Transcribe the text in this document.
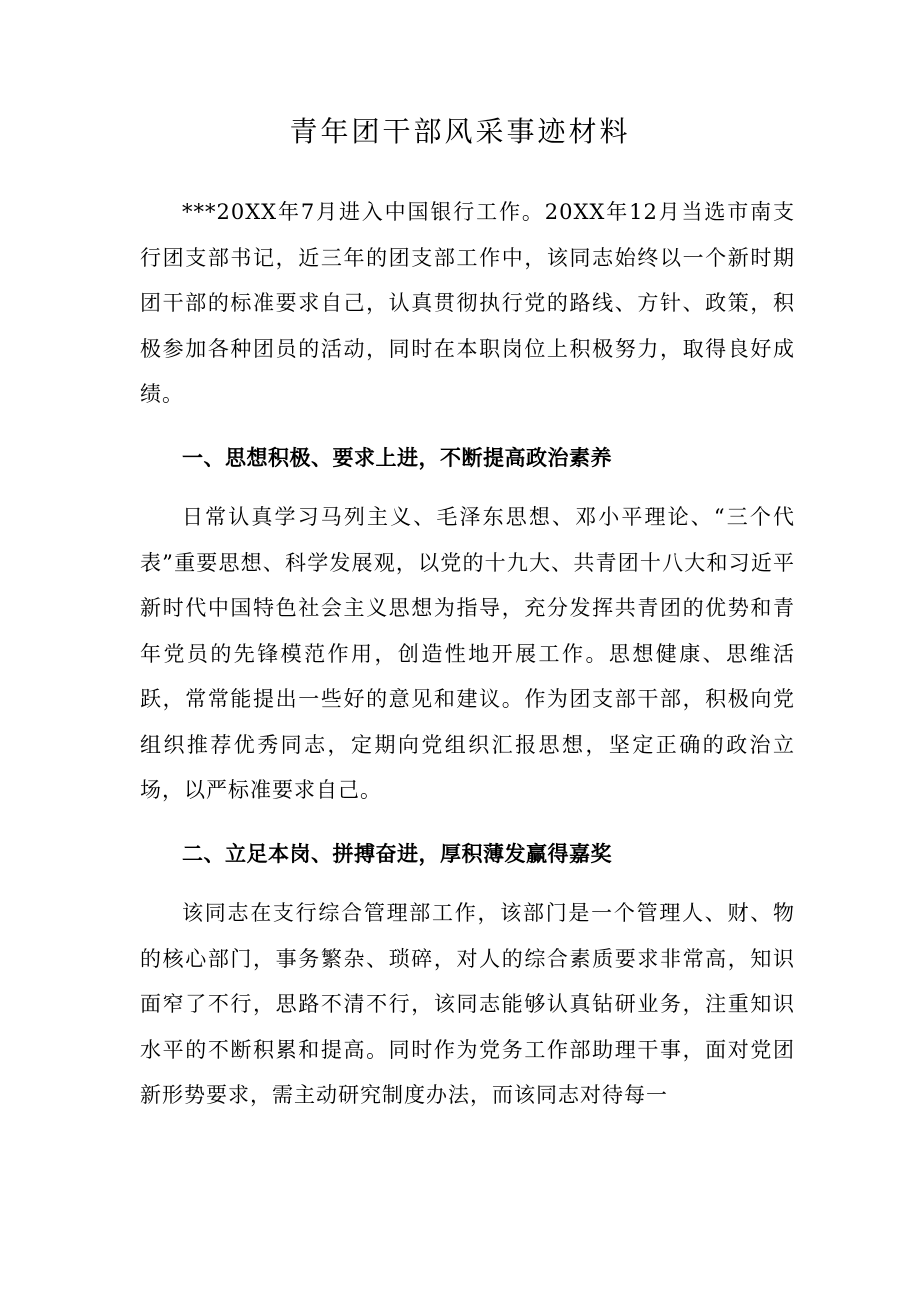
青年团干部风采事迹材料

***20XX年7月进入中国银行工作。20XX年12月当选市南支行团支部书记，近三年的团支部工作中，该同志始终以一个新时期团干部的标准要求自己，认真贯彻执行党的路线、方针、政策，积极参加各种团员的活动，同时在本职岗位上积极努力，取得良好成绩。

一、思想积极、要求上进，不断提高政治素养

日常认真学习马列主义、毛泽东思想、邓小平理论、“三个代表”重要思想、科学发展观，以党的十九大、共青团十八大和习近平新时代中国特色社会主义思想为指导，充分发挥共青团的优势和青年党员的先锋模范作用，创造性地开展工作。思想健康、思维活跃，常常能提出一些好的意见和建议。作为团支部干部，积极向党组织推荐优秀同志，定期向党组织汇报思想，坚定正确的政治立场，以严标准要求自己。

二、立足本岗、拼搏奋进，厚积薄发赢得嘉奖

该同志在支行综合管理部工作，该部门是一个管理人、财、物的核心部门，事务繁杂、琐碎，对人的综合素质要求非常高，知识面窄了不行，思路不清不行，该同志能够认真钻研业务，注重知识水平的不断积累和提高。同时作为党务工作部助理干事，面对党团新形势要求，需主动研究制度办法，而该同志对待每一
